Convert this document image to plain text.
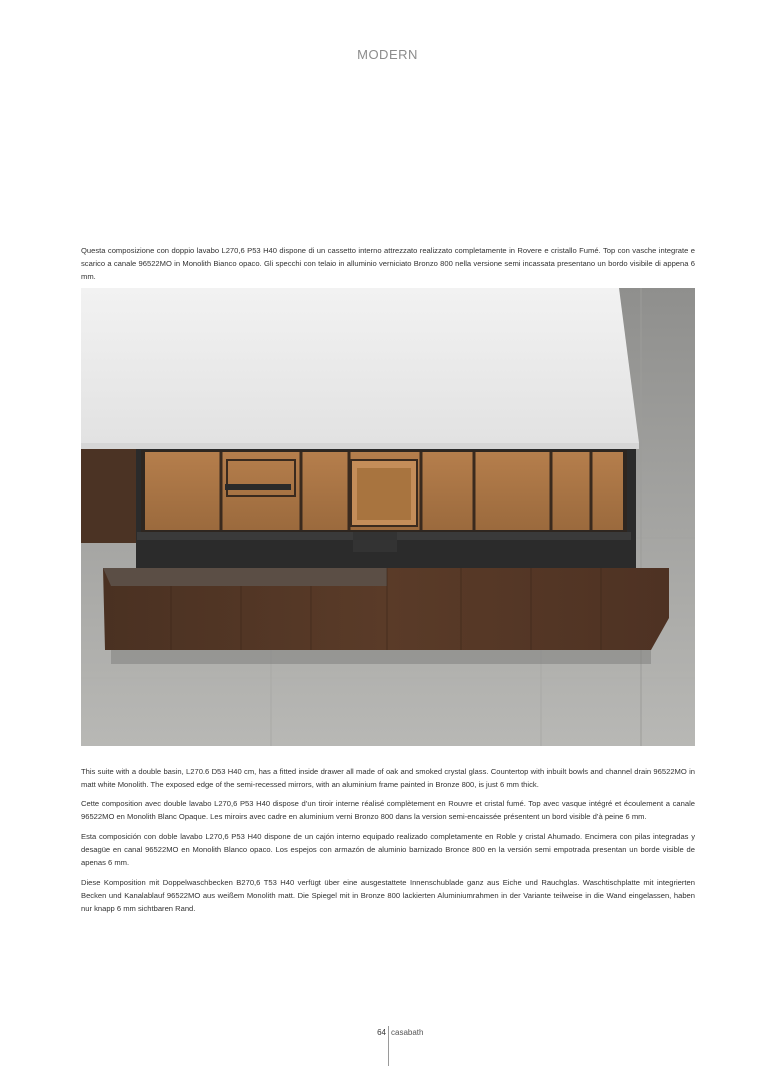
MODERN

Questa composizione con doppio lavabo L270,6 P53 H40 dispone di un cassetto interno attrezzato realizzato completamente in Rovere e cristallo Fumé. Top con vasche integrate e scarico a canale 96522MO in Monolith Bianco opaco. Gli specchi con telaio in alluminio verniciato Bronzo 800 nella versione semi incassata presentano un bordo visibile di appena 6 mm.

This suite with a double basin, L270.6 D53 H40 cm, has a fitted inside drawer all made of oak and smoked crystal glass. Countertop with inbuilt bowls and channel drain 96522MO in matt white Monolith. The exposed edge of the semi-recessed mirrors, with an aluminium frame painted in Bronze 800, is just 6 mm thick.

Cette composition avec double lavabo L270,6 P53 H40 dispose d’un tiroir interne réalisé complètement en Rouvre et cristal fumé. Top avec vasque intégré et écoulement a canale 96522MO en Monolith Blanc Opaque. Les miroirs avec cadre en aluminium verni Bronzo 800 dans la version semi-encaissée présentent un bord visible d’à peine 6 mm.

Esta composición con doble lavabo L270,6 P53 H40 dispone de un cajón interno equipado realizado completamente en Roble y cristal Ahumado. Encimera con pilas integradas y desagüe en canal 96522MO en Monolith Blanco opaco. Los espejos con armazón de aluminio barnizado Bronce 800 en la versión semi empotrada presentan un borde visible de apenas 6 mm.

Diese Komposition mit Doppelwaschbecken B270,6 T53 H40 verfügt über eine ausgestattete Innenschublade ganz aus Eiche und Rauchglas. Waschtischplatte mit integrierten Becken und Kanalablauf 96522MO aus weißem Monolith matt. Die Spiegel mit in Bronze 800 lackierten Aluminiumrahmen in der Variante teilweise in die Wand eingelassen, haben nur knapp 6 mm sichtbaren Rand.

64 casabath
